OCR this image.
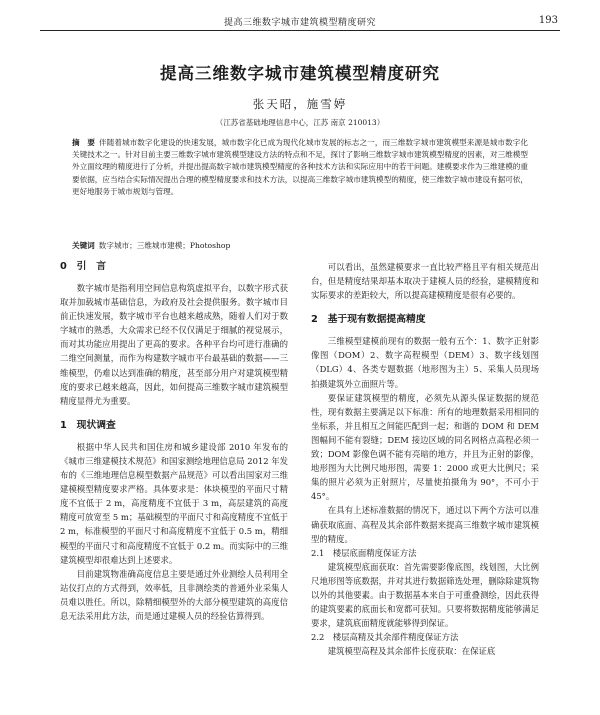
提高三维数字城市建筑模型精度研究	193
提高三维数字城市建筑模型精度研究
张天昭，施雪婷
（江苏省基础地理信息中心，江苏 南京 210013）
摘　要 伴随着城市数字化建设的快速发展，城市数字化已成为现代化城市发展的标志之一，而三维数字城市建筑模型来源是城市数字化关键技术之一。针对目前主要三维数字城市建筑模型建设方法的特点和不足，探讨了影响三维数字城市建筑模型精度的因素，对三维模型外立面纹理的精度进行了分析，并提出提高数字城市建筑模型精度的各种技术方法和实际应用中的若干问题。建模要求作为三维建模的重要依据，应当结合实际情况提出合理的模型精度要求和技术方法，以提高三维数字城市建筑模型的精度，使三维数字城市建设有据可依，更好地服务于城市规划与管理。
关键词 数字城市；三维城市建模；Photoshop
0　引　言

数字城市是指利用空间信息构筑虚拟平台，以数字形式获取并加载城市基础信息，为政府及社会提供服务。数字城市目前正快速发展，数字城市平台也越来越成熟，随着人们对于数字城市的熟悉，大众需求已经不仅仅满足于细腻的视觉展示，而对其功能应用提出了更高的要求。各种平台均可进行准确的二维空间测量，而作为构建数字城市平台最基础的数据——三维模型，仍难以达到准确的精度，甚至部分用户对建筑模型精度的要求已越来越高，因此，如何提高三维数字城市建筑模型精度显得尤为重要。

1　现状调查

根据中华人民共和国住房和城乡建设部 2010 年发布的《城市三维建模技术规范》和国家测绘地理信息局 2012 年发布的《三维地理信息模型数据产品规范》可以看出国家对三维建模模型精度要求严格。具体要求是：体块模型的平面尺寸精度不宜低于 2 m，高度精度不宜低于 3 m，高层建筑的高度精度可放宽至 5 m；基础模型的平面尺寸和高度精度不宜低于 2 m，标准模型的平面尺寸和高度精度不宜低于 0.5 m，精细模型的平面尺寸和高度精度不宜低于 0.2 m。而实际中的三维建筑模型却很难达到上述要求。

目前建筑物准确高度信息主要是通过外业测绘人员利用全站仪打点的方式得到，效率低，且非测绘类的普通外业采集人员难以胜任。所以，除精细模型外的大部分模型建筑的高度信息无法采用此方法，而是通过建模人员的经验估算得到。

可以看出，虽然建模要求一直比较严格且平有相关规范出台，但是精度结果却基本取决于建模人员的经验，建模精度和实际要求的差距较大，所以提高建模精度是很有必要的。

2　基于现有数据提高精度

三维模型建模前现有的数据一般有五个：1、数字正射影像图（DOM）2、数字高程模型（DEM）3、数字线划图（DLG）4、各类专题数据（地形图为主）5、采集人员现场拍摄建筑外立面照片等。

要保证建筑模型的精度，必须先从源头保证数据的规范性，现有数据主要满足以下标准：所有的地理数据采用相同的坐标系，并且相互之间能匹配到一起；和谐的 DOM 和 DEM 图幅间不能有裂缝；DEM 接边区域的同名网格点高程必须一致；DOM 影像色调不能有亮暗的地方，并且为正射的影像，地形图为大比例尺地形图，需要 1：2000 或更大比例尺；采集的照片必须为正射照片，尽量使拍摄角为 90°，不可小于 45°。

在具有上述标准数据的情况下，通过以下两个方法可以准确获取底面、高程及其余部件数据来提高三维数字城市建筑模型的精度。

2.1　楼层底面精度保证方法

建筑模型底面获取：首先需要影像底图，线划图，大比例尺地形图等底数据，并对其进行数据筛选处理，删除除建筑物以外的其他要素。由于数据基本来自于可重叠测绘，因此获得的建筑要素的底面长和宽都可获知。只要将数据精度能够满足要求，建筑底面精度就能够得到保证。

2.2　楼层高精及其余部件精度保证方法

建筑模型高程及其余部件长度获取：在保证底
